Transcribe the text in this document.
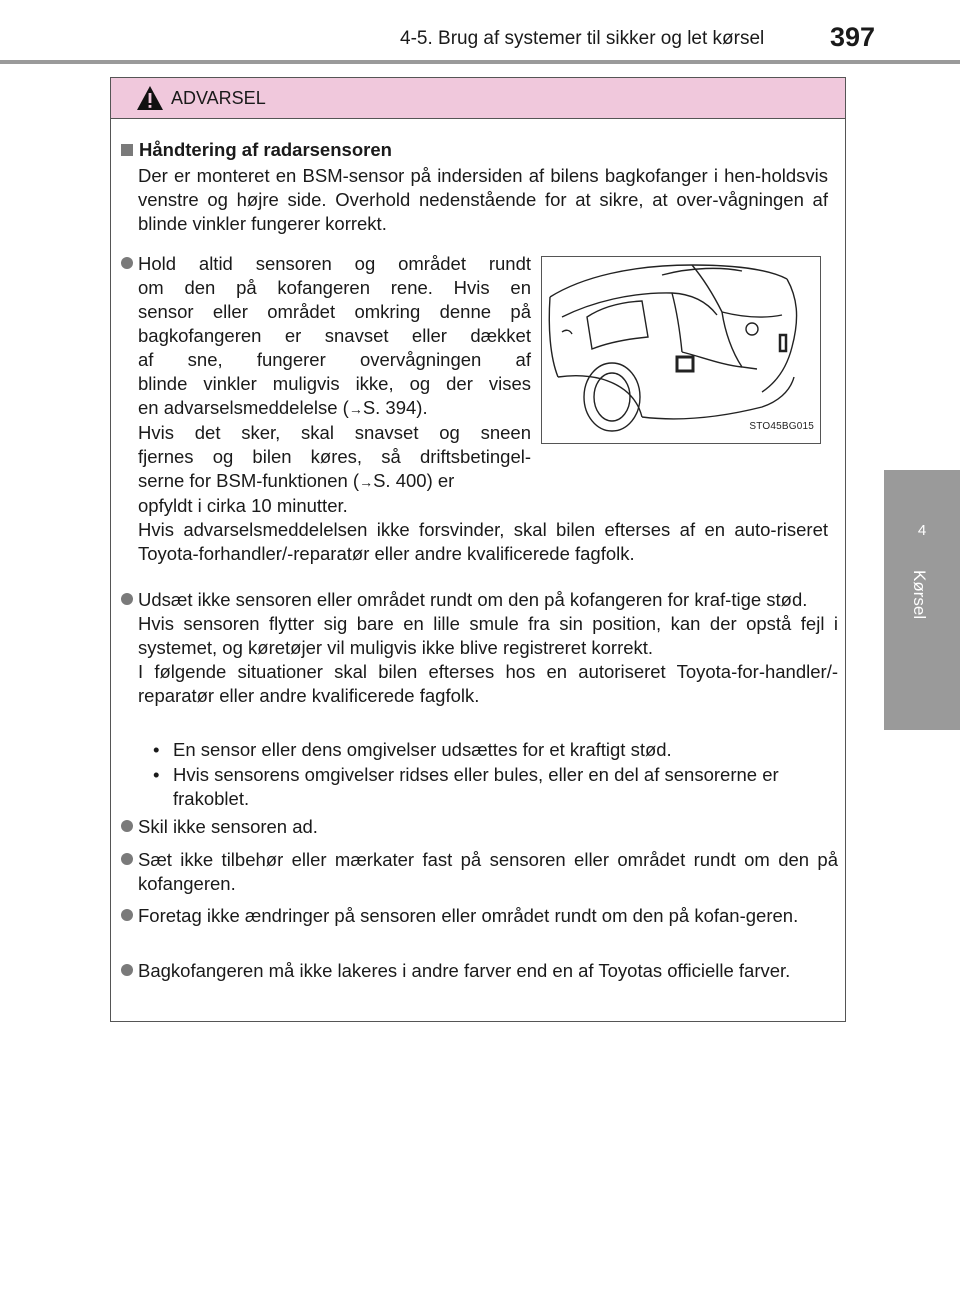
4-5. Brug af systemer til sikker og let kørsel 397
4
Kørsel
ADVARSEL
Håndtering af radarsensoren
Der er monteret en BSM-sensor på indersiden af bilens bagkofanger i hen-holdsvis venstre og højre side. Overhold nedenstående for at sikre, at over-vågningen af blinde vinkler fungerer korrekt.
Hold altid sensoren og området rundt
om den på kofangeren rene. Hvis en
sensor eller området omkring denne på
bagkofangeren er snavset eller dækket
af sne, fungerer overvågningen af
blinde vinkler muligvis ikke, og der vises
en advarselsmeddelelse (→S. 394).
Hvis det sker, skal snavset og sneen
fjernes og bilen køres, så driftsbetingel-
serne for BSM-funktionen (→S. 400) er
opfyldt i cirka 10 minutter.
Hvis advarselsmeddelelsen ikke forsvinder, skal bilen efterses af en auto-riseret Toyota-forhandler/-reparatør eller andre kvalificerede fagfolk.
STO45BG015
Udsæt ikke sensoren eller området rundt om den på kofangeren for kraf-tige stød.
Hvis sensoren flytter sig bare en lille smule fra sin position, kan der opstå fejl i systemet, og køretøjer vil muligvis ikke blive registreret korrekt.
I følgende situationer skal bilen efterses hos en autoriseret Toyota-for-handler/-reparatør eller andre kvalificerede fagfolk.
• En sensor eller dens omgivelser udsættes for et kraftigt stød.
• Hvis sensorens omgivelser ridses eller bules, eller en del af sensorerne er frakoblet.
Skil ikke sensoren ad.
Sæt ikke tilbehør eller mærkater fast på sensoren eller området rundt om den på kofangeren.
Foretag ikke ændringer på sensoren eller området rundt om den på kofan-geren.
Bagkofangeren må ikke lakeres i andre farver end en af Toyotas officielle farver.
